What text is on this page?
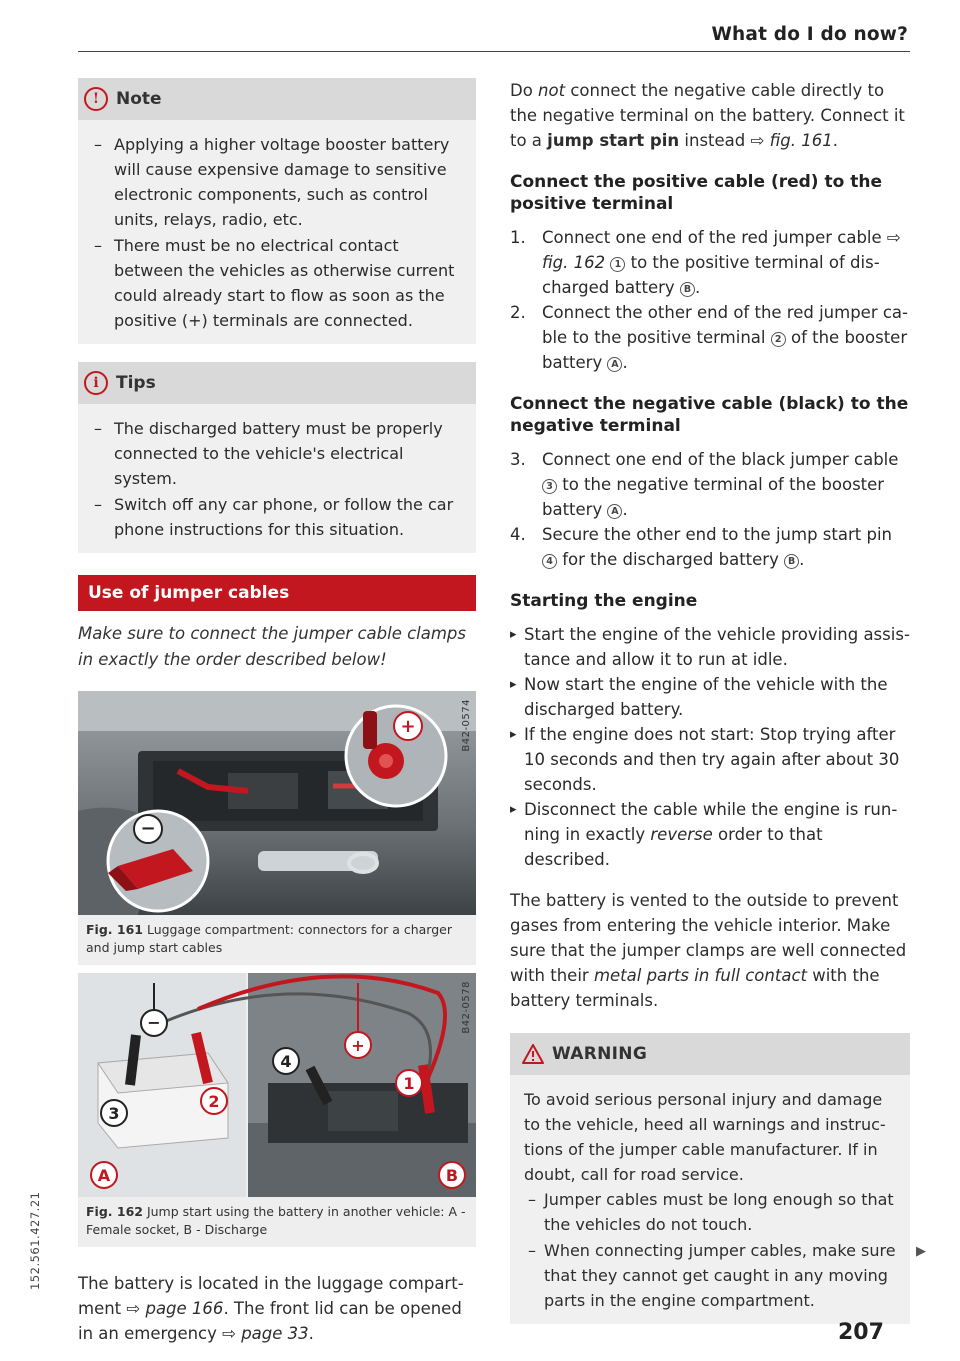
What do I do now?
152.561.427.21
! Note
– Applying a higher voltage booster battery will cause expensive damage to sensitive electronic components, such as control units, relays, radio, etc.
– There must be no electrical contact between the vehicles as otherwise current could already start to flow as soon as the positive (+) terminals are connected.
i	Tips
– The discharged battery must be properly connected to the vehicle's electrical system.
– Switch off any car phone, or follow the car phone instructions for this situation.
Use of jumper cables
Make sure to connect the jumper cable clamps in exactly the order described below!
−
+	B42-0574
Fig. 161 Luggage compartment: connectors for a charger and jump start cables
−
+
4
1
2
3
A	B
B42-0578
Fig. 162 Jump start using the battery in another vehicle: A - Female socket, B - Discharge

The battery is located in the luggage compartment ⇨ page 166. The front lid can be opened in an emergency ⇨ page 33.

Do not connect the negative cable directly to the negative terminal on the battery. Connect it to a jump start pin instead ⇨ fig. 161.

Connect the positive cable (red) to the positive terminal
1. Connect one end of the red jumper cable ⇨ fig. 162 1 to the positive terminal of discharged battery B .
2. Connect the other end of the red jumper cable to the positive terminal 2 of the booster battery A .
Connect the negative cable (black) to the negative terminal
3. Connect one end of the black jumper cable 3 to the negative terminal of the booster battery A .
4. Secure the other end to the jump start pin 4 for the discharged battery B .
Starting the engine
▸ Start the engine of the vehicle providing assistance and allow it to run at idle.
▸ Now start the engine of the vehicle with the discharged battery.
▸ If the engine does not start: Stop trying after 10 seconds and then try again after about 30 seconds.
▸ Disconnect the cable while the engine is running in exactly reverse order to that described.

The battery is vented to the outside to prevent gases from entering the vehicle interior. Make sure that the jumper clamps are well connected with their metal parts in full contact with the battery terminals.

WARNING
To avoid serious personal injury and damage to the vehicle, heed all warnings and instructions of the jumper cable manufacturer. If in doubt, call for road service.
– Jumper cables must be long enough so that the vehicles do not touch.
– When connecting jumper cables, make sure that they cannot get caught in any moving parts in the engine compartment.
▶
207
